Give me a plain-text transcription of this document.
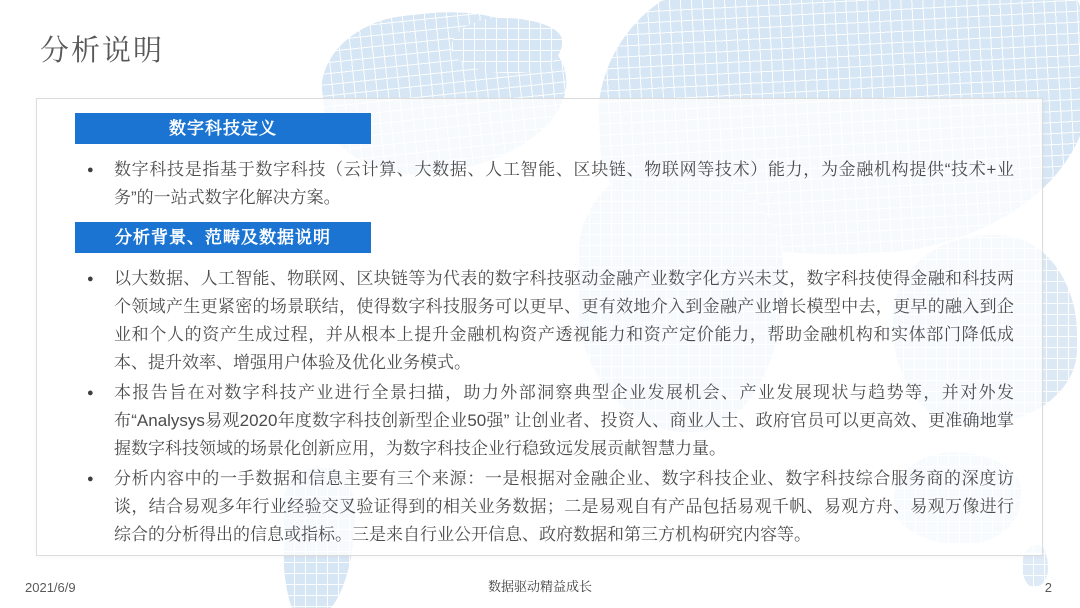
分析说明
数字科技定义
● 数字科技是指基于数字科技（云计算、大数据、人工智能、区块链、物联网等技术）能力，为金融机构提供“技术+业务”的一站式数字化解决方案。
分析背景、范畴及数据说明
● 以大数据、人工智能、物联网、区块链等为代表的数字科技驱动金融产业数字化方兴未艾，数字科技使得金融和科技两个领域产生更紧密的场景联结，使得数字科技服务可以更早、更有效地介入到金融产业增长模型中去，更早的融入到企业和个人的资产生成过程，并从根本上提升金融机构资产透视能力和资产定价能力，帮助金融机构和实体部门降低成本、提升效率、增强用户体验及优化业务模式。
● 本报告旨在对数字科技产业进行全景扫描，助力外部洞察典型企业发展机会、产业发展现状与趋势等，并对外发布“Analysys易观2020年度数字科技创新型企业50强” 让创业者、投资人、商业人士、政府官员可以更高效、更准确地掌握数字科技领域的场景化创新应用，为数字科技企业行稳致远发展贡献智慧力量。
● 分析内容中的一手数据和信息主要有三个来源：一是根据对金融企业、数字科技企业、数字科技综合服务商的深度访谈，结合易观多年行业经验交叉验证得到的相关业务数据；二是易观自有产品包括易观千帆、易观方舟、易观万像进行综合的分析得出的信息或指标。三是来自行业公开信息、政府数据和第三方机构研究内容等。
2021/6/9	数据驱动精益成长	2
